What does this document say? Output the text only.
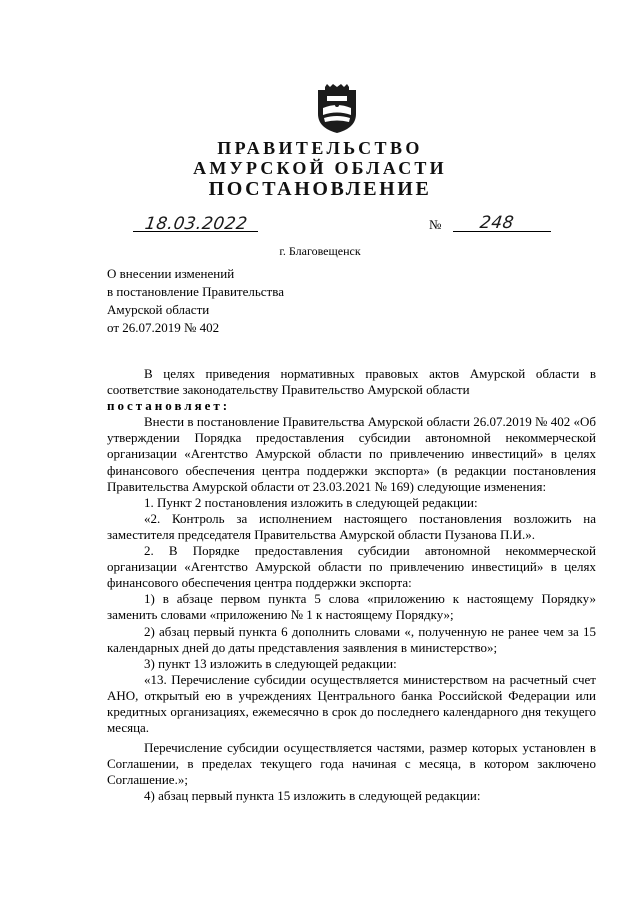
ПРАВИТЕЛЬСТВО
АМУРСКОЙ ОБЛАСТИ
ПОСТАНОВЛЕНИЕ
18.03.2022	№ 248
г. Благовещенск
О внесении изменений
в постановление Правительства
Амурской области
от 26.07.2019 № 402

В целях приведения нормативных правовых актов Амурской области в соответствие законодательству Правительство Амурской области

постановляет:

Внести в постановление Правительства Амурской области 26.07.2019 № 402 «Об утверждении Порядка предоставления субсидии автономной некоммерческой организации «Агентство Амурской области по привлечению инвестиций» в целях финансового обеспечения центра поддержки экспорта» (в редакции постановления Правительства Амурской области от 23.03.2021 № 169) следующие изменения:

1. Пункт 2 постановления изложить в следующей редакции:

«2. Контроль за исполнением настоящего постановления возложить на заместителя председателя Правительства Амурской области Пузанова П.И.».

2. В Порядке предоставления субсидии автономной некоммерческой организации «Агентство Амурской области по привлечению инвестиций» в целях финансового обеспечения центра поддержки экспорта:

1) в абзаце первом пункта 5 слова «приложению к настоящему Порядку» заменить словами «приложению № 1 к настоящему Порядку»;

2) абзац первый пункта 6 дополнить словами «, полученную не ранее чем за 15 календарных дней до даты представления заявления в министерство»;

3) пункт 13 изложить в следующей редакции:

«13. Перечисление субсидии осуществляется министерством на расчетный счет АНО, открытый ею в учреждениях Центрального банка Российской Федерации или кредитных организациях, ежемесячно в срок до последнего календарного дня текущего месяца.

Перечисление субсидии осуществляется частями, размер которых установлен в Соглашении, в пределах текущего года начиная с месяца, в котором заключено Соглашение.»;

4) абзац первый пункта 15 изложить в следующей редакции:
